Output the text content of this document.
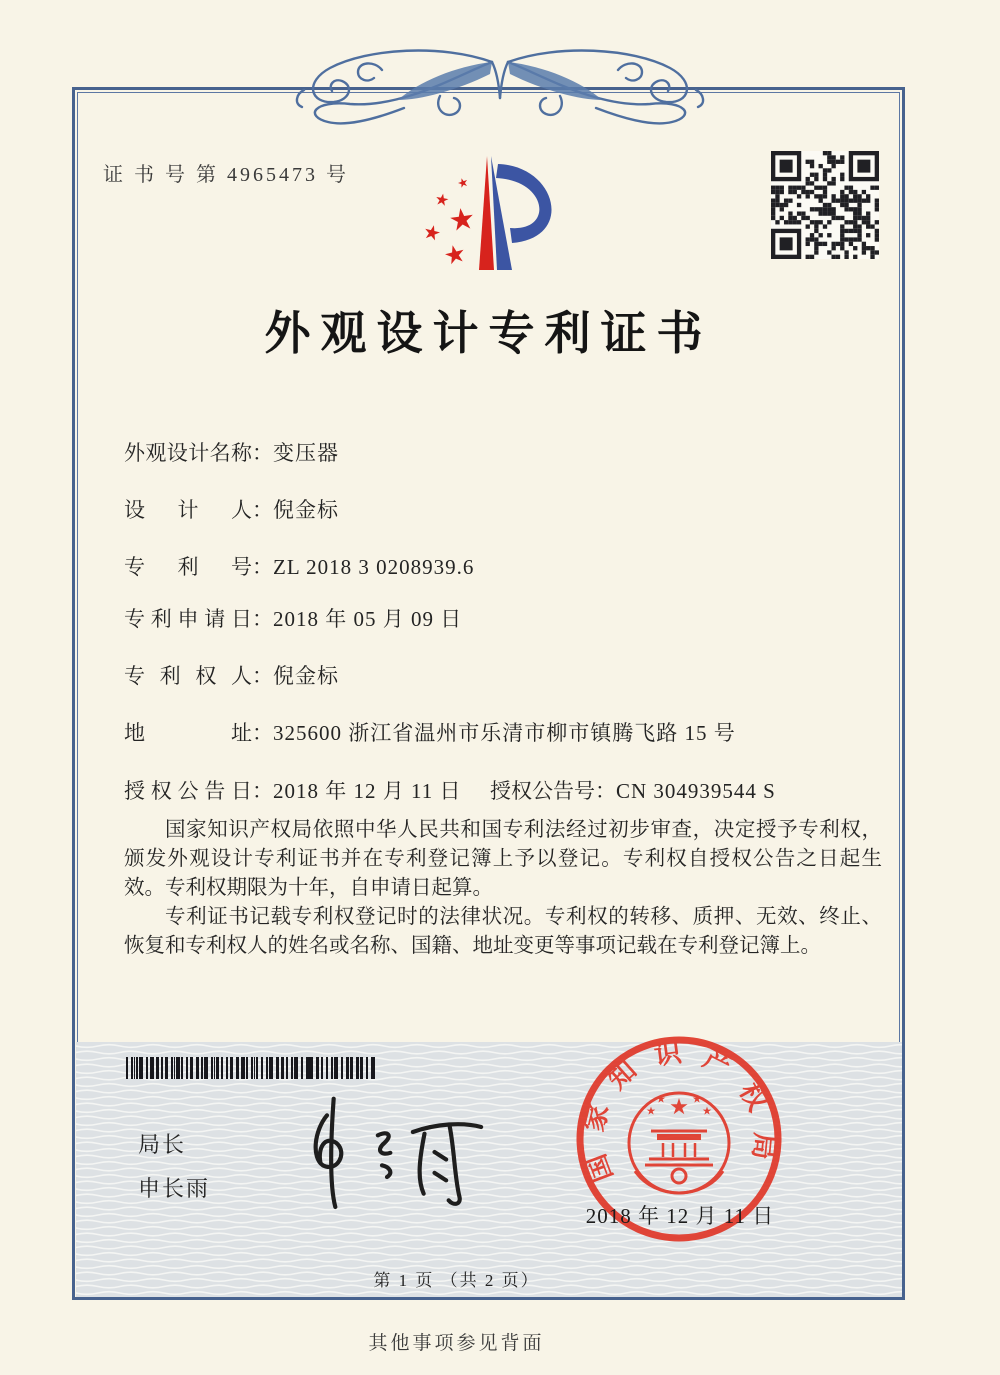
证 书 号 第 4965473 号
外观设计专利证书
外观设计名称：变压器
设计人：倪金标
专利号：ZL 2018 3 0208939.6
专利申请日：2018 年 05 月 09 日
专利权人：倪金标
地址：325600 浙江省温州市乐清市柳市镇腾飞路 15 号
授权公告日：2018 年 12 月 11 日 授权公告号：CN 304939544 S

国家知识产权局依照中华人民共和国专利法经过初步审查，决定授予专利权，颁发外观设计专利证书并在专利登记簿上予以登记。专利权自授权公告之日起生效。专利权期限为十年，自申请日起算。

专利证书记载专利权登记时的法律状况。专利权的转移、质押、无效、终止、恢复和专利权人的姓名或名称、国籍、地址变更等事项记载在专利登记簿上。

局长
申长雨
国家知识产权局
2018 年 12 月 11 日
第 1 页 （共 2 页）
其他事项参见背面
